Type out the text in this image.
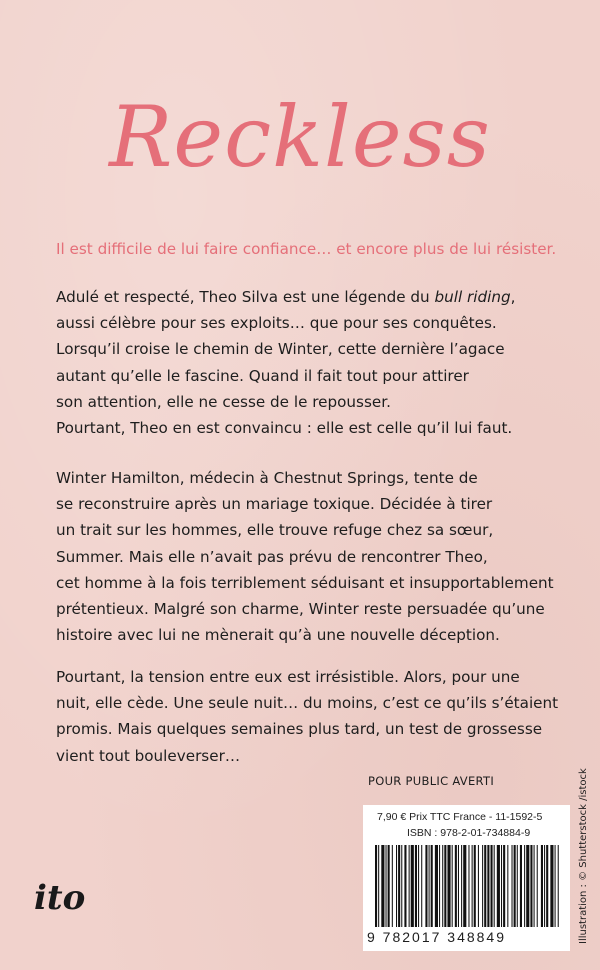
Reckless
Il est difficile de lui faire confiance… et encore plus de lui résister.
Adulé et respecté, Theo Silva est une légende du bull riding,
aussi célèbre pour ses exploits… que pour ses conquêtes.
Lorsqu’il croise le chemin de Winter, cette dernière l’agace
autant qu’elle le fascine. Quand il fait tout pour attirer
son attention, elle ne cesse de le repousser.
Pourtant, Theo en est convaincu : elle est celle qu’il lui faut.
Winter Hamilton, médecin à Chestnut Springs, tente de
se reconstruire après un mariage toxique. Décidée à tirer
un trait sur les hommes, elle trouve refuge chez sa sœur,
Summer. Mais elle n’avait pas prévu de rencontrer Theo,
cet homme à la fois terriblement séduisant et insupportablement
prétentieux. Malgré son charme, Winter reste persuadée qu’une
histoire avec lui ne mènerait qu’à une nouvelle déception.
Pourtant, la tension entre eux est irrésistible. Alors, pour une
nuit, elle cède. Une seule nuit… du moins, c’est ce qu’ils s’étaient
promis. Mais quelques semaines plus tard, un test de grossesse
vient tout bouleverser…
POUR PUBLIC AVERTI
7,90 € Prix TTC France - 11-1592-5
ISBN : 978-2-01-734884-9
9 782017 348849
ito	Illustration : © Shutterstock /istock
